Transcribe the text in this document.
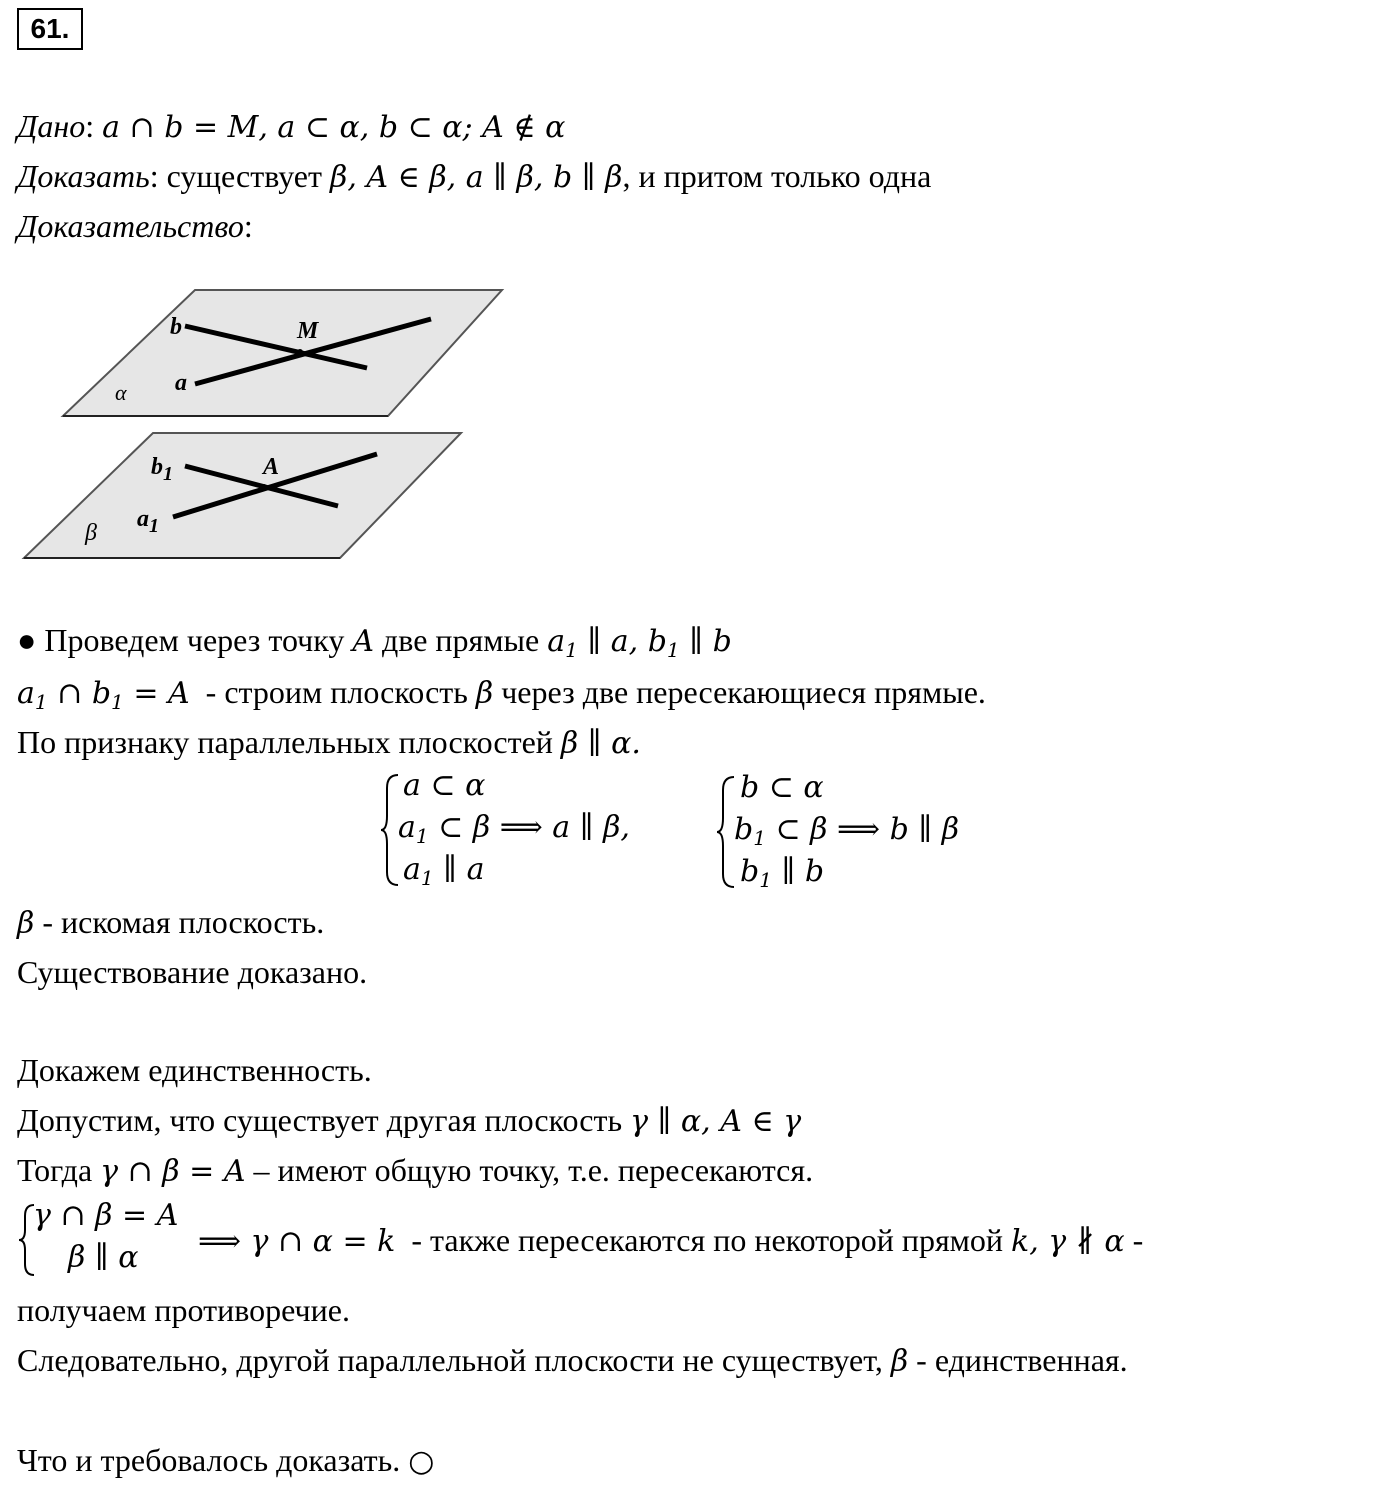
61.
Дано: a ∩ b = M, a ⊂ α, b ⊂ α; A ∉ α
Доказать: существует β, A ∈ β, a ∥ β, b ∥ β, и притом только одна
Доказательство:
α
b
a
M
β
$b_1$
$a_1$
A
● Проведем через точку A две прямые $a_1$ ∥ a, $b_1$ ∥ b
$a_1$ ∩ $b_1 = A$ - строим плоскость β через две пересекающиеся прямые.
По признаку параллельных плоскостей β ∥ α.
a ⊂ α
$a_1$ ⊂ β ⟹ a ∥ β,
$a_1$ ∥ a
b ⊂ α
$b_1$ ⊂ β ⟹ b ∥ β
$b_1$ ∥ b
β - искомая плоскость.
Существование доказано.
Докажем единственность.
Допустим, что существует другая плоскость γ ∥ α, A ∈ γ
Тогда γ ∩ β = A – имеют общую точку, т.е. пересекаются.
γ ∩ β = A
β ∥ α ⟹ γ ∩ α = k - также пересекаются по некоторой прямой k, γ ∦ α -
получаем противоречие.
Следовательно, другой параллельной плоскости не существует, β - единственная.
Что и требовалось доказать. ○
